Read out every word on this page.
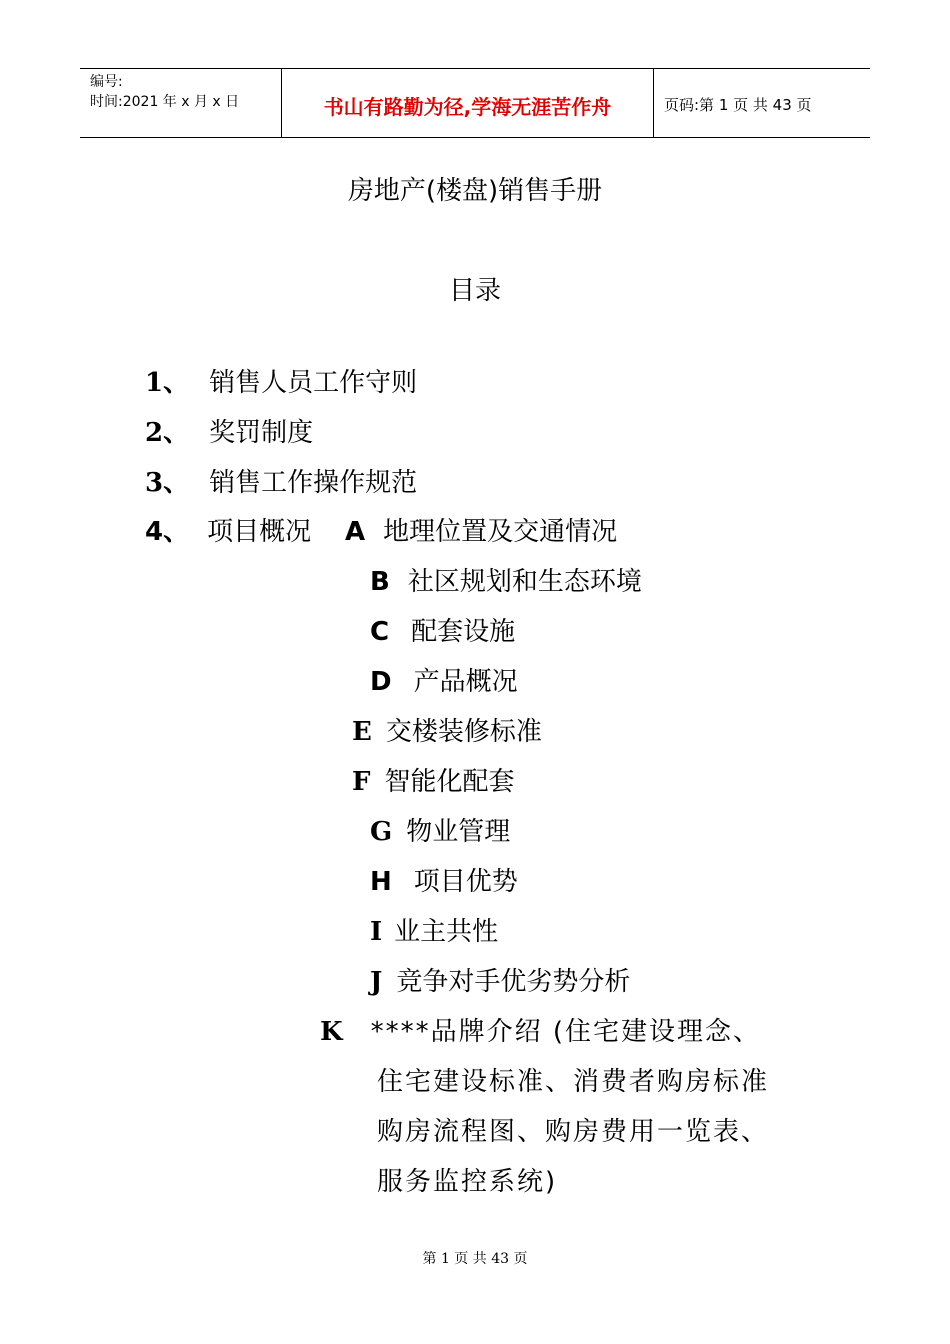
编号:
时间:2021 年 x 月 x 日	书山有路勤为径,学海无涯苦作舟	页码:第 1 页 共 43 页
房地产(楼盘)销售手册
目录
1、 销售人员工作守则
2、 奖罚制度
3、 销售工作操作规范
4、 项目概况 A 地理位置及交通情况
B 社区规划和生态环境
C 配套设施
D 产品概况
E 交楼装修标准
F 智能化配套
G 物业管理
H 项目优势
I 业主共性
J 竞争对手优劣势分析
K ****品牌介绍 (住宅建设理念、
住宅建设标准、消费者购房标准
购房流程图、购房费用一览表、
服务监控系统)
第 1 页 共 43 页
